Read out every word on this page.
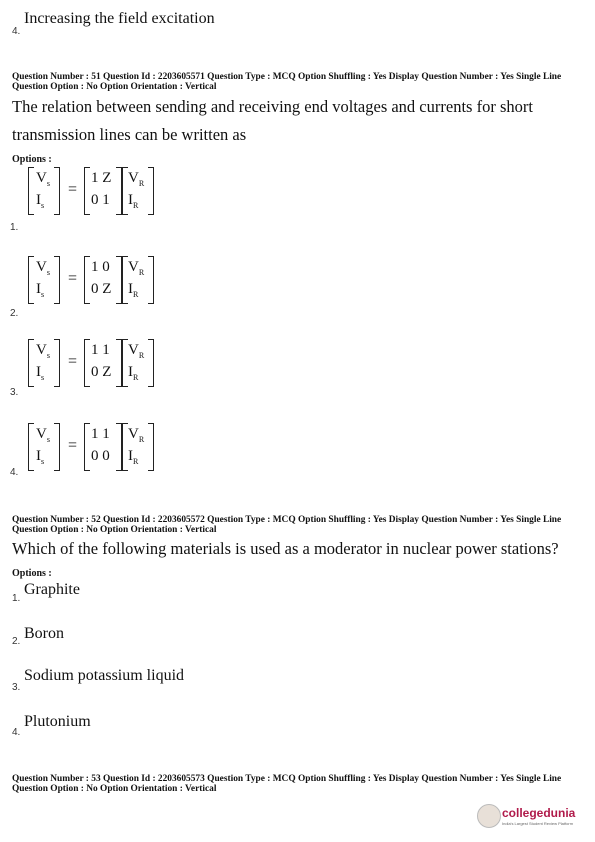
4.
Increasing the field excitation
Question Number : 51 Question Id : 2203605571 Question Type : MCQ Option Shuffling : Yes Display Question Number : Yes Single Line Question Option : No Option Orientation : Vertical
The relation between sending and receiving end voltages and currents for short
transmission lines can be written as
Options :
$V_s$
$I_s$
=
1 Z
0 1
$V_R$
$I_R$
1.
$V_s$
$I_s$
=
1 0
0 Z
$V_R$
$I_R$
2.
$V_s$
$I_s$
=
1 1
0 Z
$V_R$
$I_R$
3.
$V_s$
$I_s$
=
1 1
0 0
$V_R$
$I_R$
4.
Question Number : 52 Question Id : 2203605572 Question Type : MCQ Option Shuffling : Yes Display Question Number : Yes Single Line Question Option : No Option Orientation : Vertical
Which of the following materials is used as a moderator in nuclear power stations?
Options :
1.
Graphite
2. Boron
3.
Sodium potassium liquid
4.
Plutonium
Question Number : 53 Question Id : 2203605573 Question Type : MCQ Option Shuffling : Yes Display Question Number : Yes Single Line Question Option : No Option Orientation : Vertical
collegedunia
India's Largest Student Review Platform
